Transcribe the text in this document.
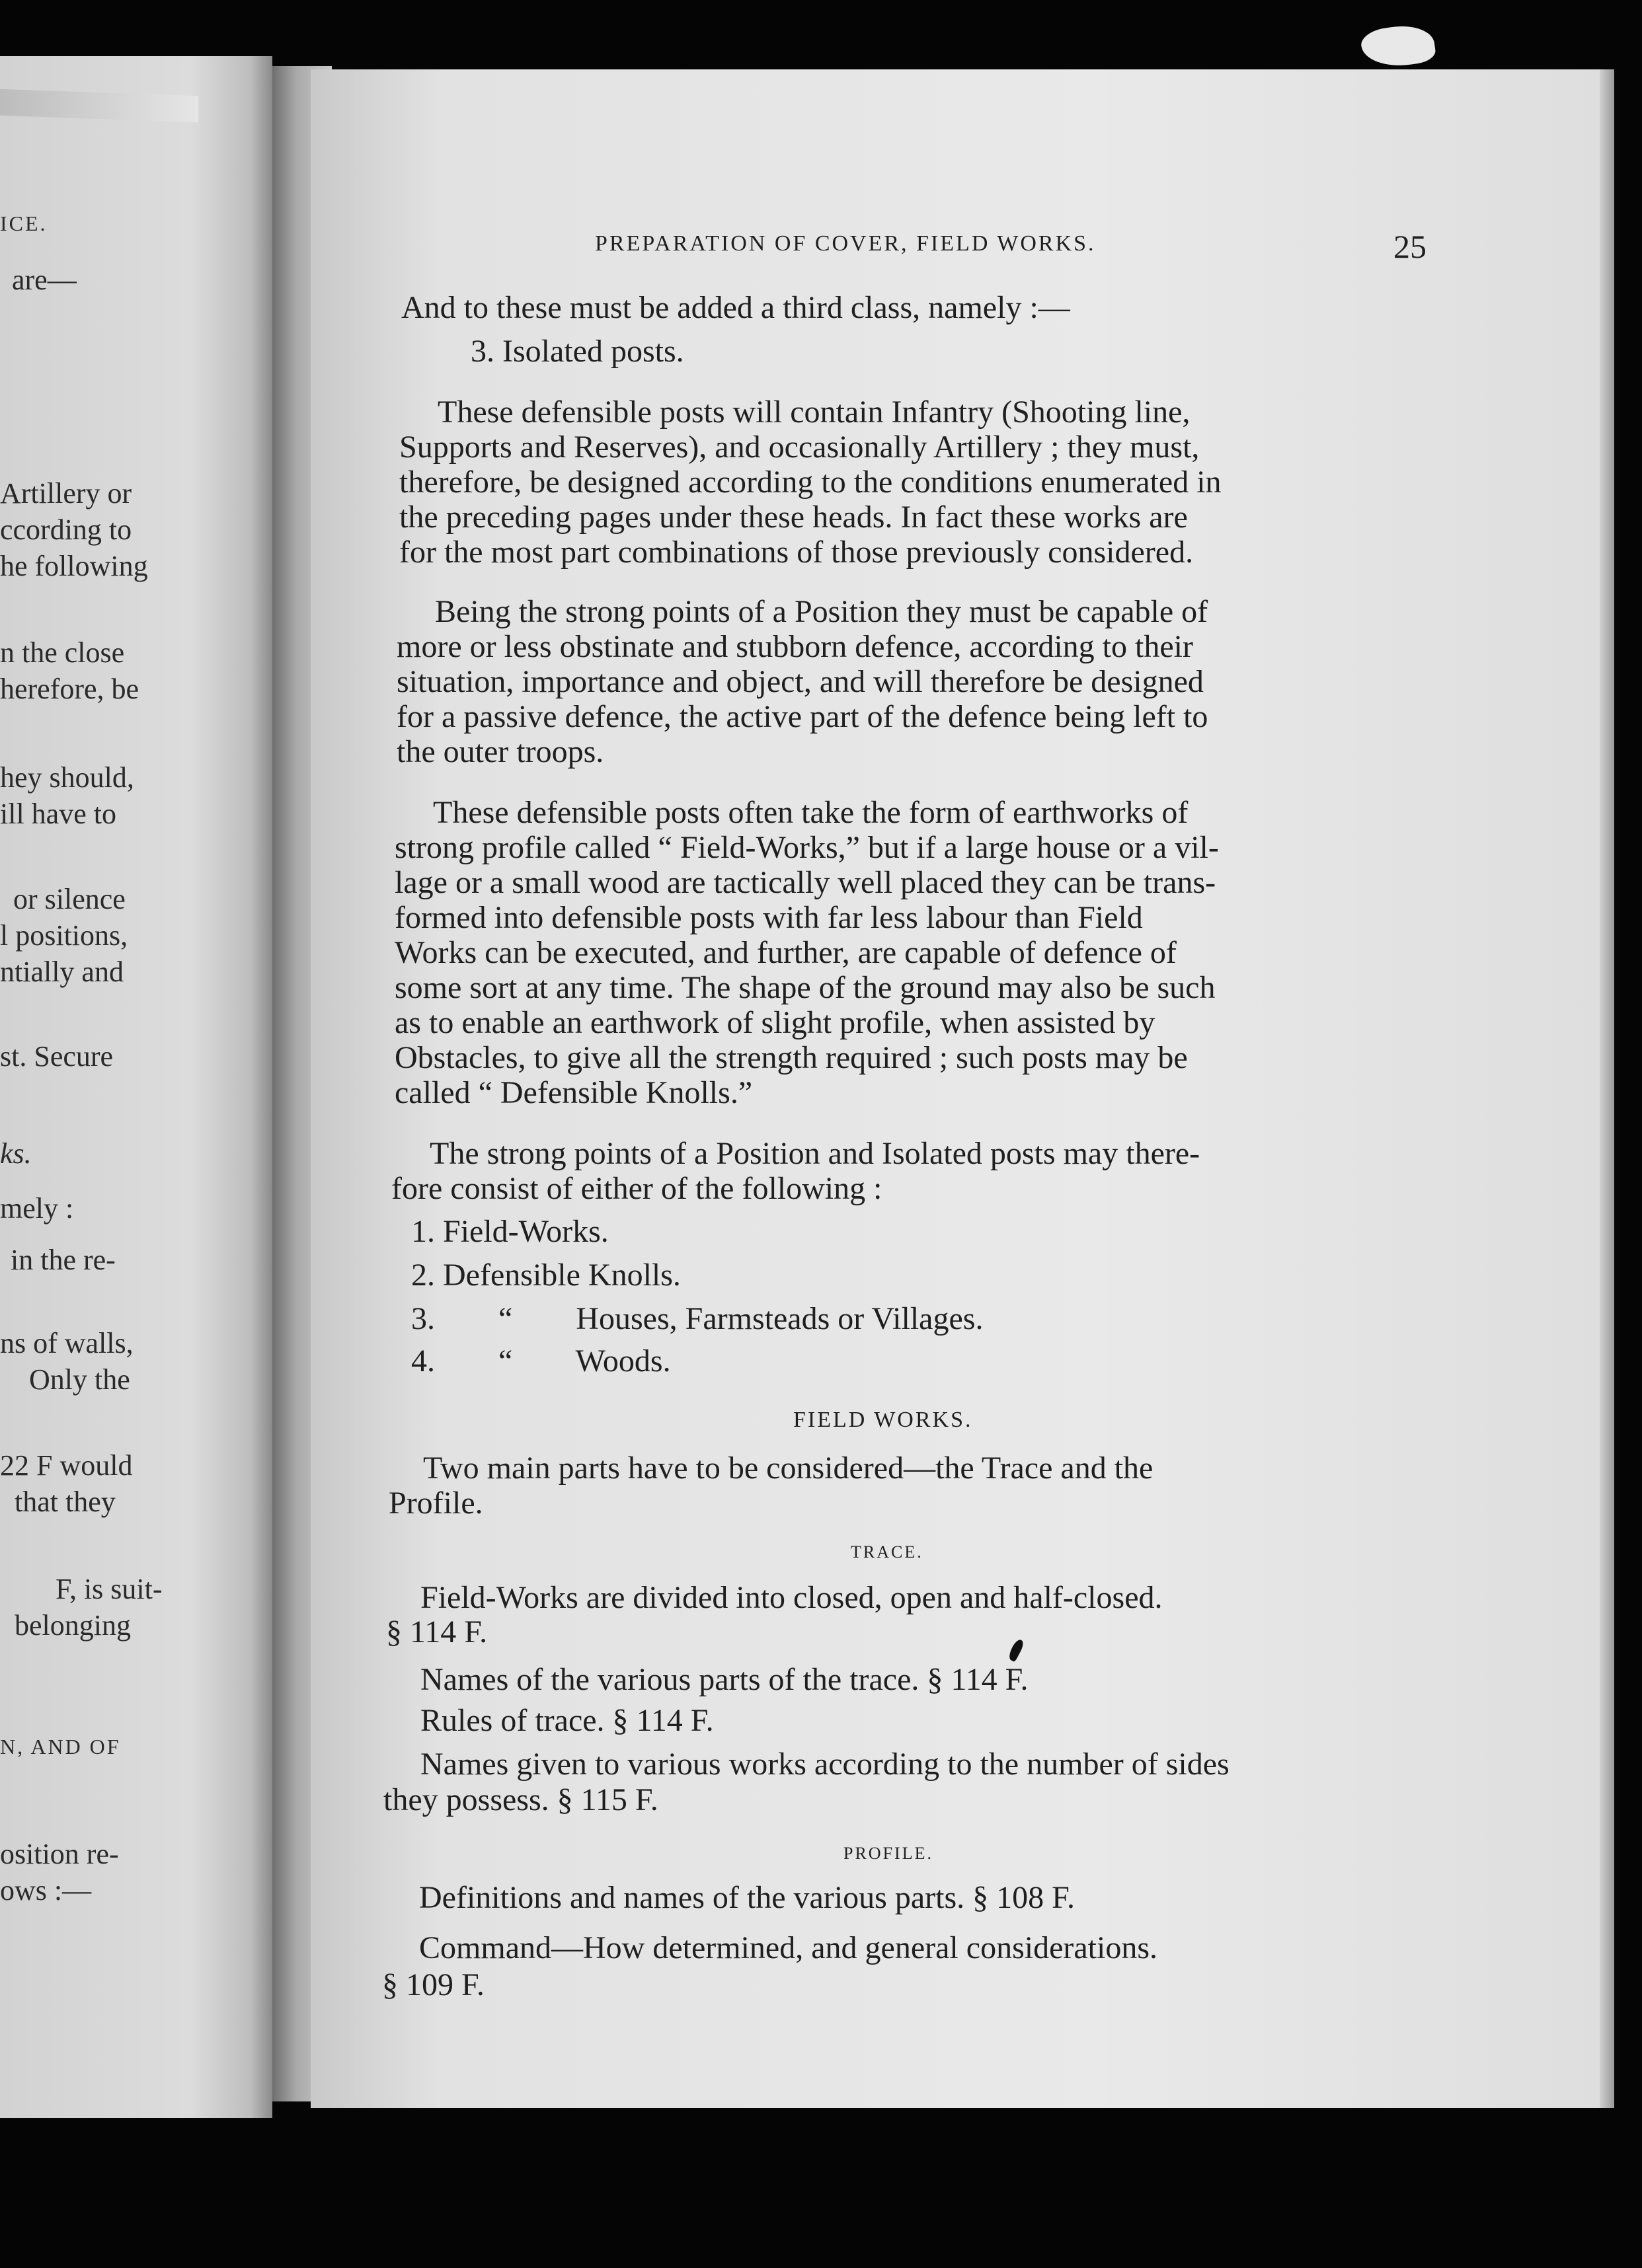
ICE.
are—
Artillery or
ccording to
he following
n the close
herefore, be
hey should,
ill have to
or silence
l positions,
ntially and
st. Secure
ks.
mely :
in the re-
ns of walls,
Only the
22 F would
that they
F, is suit-
belonging
N, AND OF
osition re-
ows :—
PREPARATION OF COVER, FIELD WORKS.	25
And to these must be added a third class, namely :—
3. Isolated posts.
These defensible posts will contain Infantry (Shooting line,
Supports and Reserves), and occasionally Artillery ; they must,
therefore, be designed according to the conditions enumerated in
the preceding pages under these heads. In fact these works are
for the most part combinations of those previously considered.
Being the strong points of a Position they must be capable of
more or less obstinate and stubborn defence, according to their
situation, importance and object, and will therefore be designed
for a passive defence, the active part of the defence being left to
the outer troops.
These defensible posts often take the form of earthworks of
strong profile called “ Field-Works,” but if a large house or a vil-
lage or a small wood are tactically well placed they can be trans-
formed into defensible posts with far less labour than Field
Works can be executed, and further, are capable of defence of
some sort at any time. The shape of the ground may also be such
as to enable an earthwork of slight profile, when assisted by
Obstacles, to give all the strength required ; such posts may be
called “ Defensible Knolls.”
The strong points of a Position and Isolated posts may there-
fore consist of either of the following :
1. Field-Works.
2. Defensible Knolls.
3.        “        Houses, Farmsteads or Villages.
4.        “        Woods.
FIELD WORKS.
Two main parts have to be considered—the Trace and the
Profile.
TRACE.
Field-Works are divided into closed, open and half-closed.
§ 114 F.
Names of the various parts of the trace. § 114 F.
Rules of trace. § 114 F.
Names given to various works according to the number of sides
they possess. § 115 F.
PROFILE.
Definitions and names of the various parts. § 108 F.
Command—How determined, and general considerations.
§ 109 F.
